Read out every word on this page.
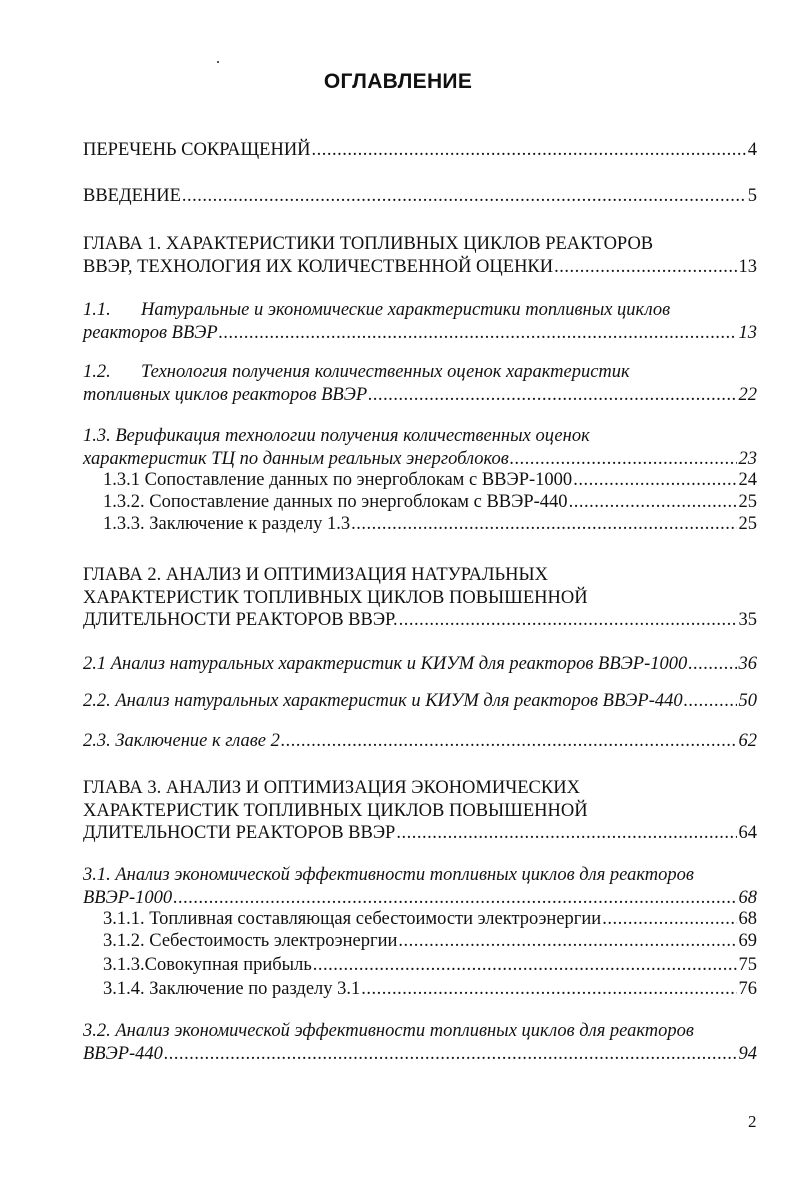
ОГЛАВЛЕНИЕ
ПЕРЕЧЕНЬ СОКРАЩЕНИЙ .....	4
ВВЕДЕНИЕ .....	5
ГЛАВА 1. ХАРАКТЕРИСТИКИ ТОПЛИВНЫХ ЦИКЛОВ РЕАКТОРОВ
ВВЭР, ТЕХНОЛОГИЯ ИХ КОЛИЧЕСТВЕННОЙ ОЦЕНКИ .....	13
1.1. Натуральные и экономические характеристики топливных циклов
реакторов ВВЭР .....	13
1.2. Технология получения количественных оценок характеристик
топливных циклов реакторов ВВЭР .....	22
1.3. Верификация технологии получения количественных оценок
характеристик ТЦ по данным реальных энергоблоков .....	23
1.3.1 Сопоставление данных по энергоблокам с ВВЭР-1000 .....	24
1.3.2. Сопоставление данных по энергоблокам с ВВЭР-440 .....	25
1.3.3. Заключение к разделу 1.3 .....	25
ГЛАВА 2. АНАЛИЗ И ОПТИМИЗАЦИЯ НАТУРАЛЬНЫХ
ХАРАКТЕРИСТИК ТОПЛИВНЫХ ЦИКЛОВ ПОВЫШЕННОЙ
ДЛИТЕЛЬНОСТИ РЕАКТОРОВ ВВЭР. .....	35
2.1 Анализ натуральных характеристик и КИУМ для реакторов ВВЭР-1000 .....	36
2.2. Анализ натуральных характеристик и КИУМ для реакторов ВВЭР-440 .....	50
2.3. Заключение к главе 2 .....	62
ГЛАВА 3. АНАЛИЗ И ОПТИМИЗАЦИЯ ЭКОНОМИЧЕСКИХ
ХАРАКТЕРИСТИК ТОПЛИВНЫХ ЦИКЛОВ ПОВЫШЕННОЙ
ДЛИТЕЛЬНОСТИ РЕАКТОРОВ ВВЭР .....	64
3.1. Анализ экономической эффективности топливных циклов для реакторов
ВВЭР-1000 .....	68
3.1.1. Топливная составляющая себестоимости электроэнергии .....	68
3.1.2. Себестоимость электроэнергии .....	69
3.1.3.Совокупная прибыль .....	75
3.1.4. Заключение по разделу 3.1 .....	76
3.2. Анализ экономической эффективности топливных циклов для реакторов
ВВЭР-440 .....	94
2
